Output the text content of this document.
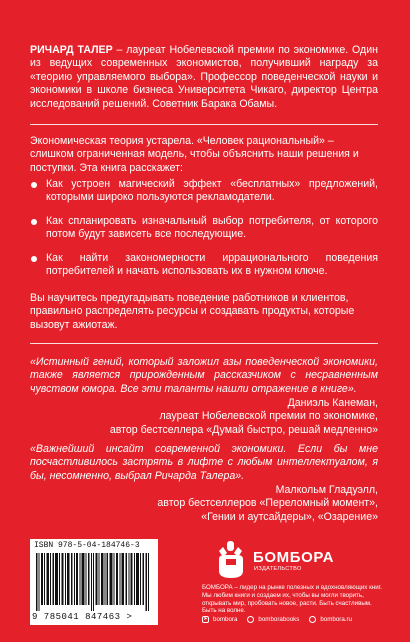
РИЧАРД ТАЛЕР – лауреат Нобелевской премии по экономике. Один из ведущих современных экономистов, получивший награду за «теорию управляемого выбора». Профессор поведенческой науки и экономики в школе бизнеса Университета Чикаго, директор Центра исследований решений. Советник Барака Обамы.

Экономическая теория устарела. «Человек рациональный» – слишком ограниченная модель, чтобы объяснить наши решения и поступки. Эта книга расскажет:

Как устроен магический эффект «бесплатных» предложений, которыми широко пользуются рекламодатели.
Как спланировать изначальный выбор потребителя, от которого потом будут зависеть все последующие.
Как найти закономерности иррационального поведения потребителей и начать использовать их в нужном ключе.

Вы научитесь предугадывать поведение работников и клиентов, правильно распределять ресурсы и создавать продукты, которые вызовут ажиотаж.

«Истинный гений, который заложил азы поведенческой экономики, также является прирожденным рассказчиком с несравненным чувством юмора. Все эти таланты нашли отражение в книге».

Даниэль Канеман,
лауреат Нобелевской премии по экономике,
автор бестселлера «Думай быстро, решай медленно»

«Важнейший инсайт современной экономики. Если бы мне посчастливилось застрять в лифте с любым интеллектуалом, я бы, несомненно, выбрал Ричарда Талера».

Малкольм Гладуэлл,
автор бестселлеров «Переломный момент»,
«Гении и аутсайдеры», «Озарение»
ISBN 978-5-04-184746-3
9 785041 847463 >
БОМБОРА
ИЗДАТЕЛЬСТВО
БОМБОРА – лидер на рынке полезных и вдохновляющих книг. Мы любим книги и создаем их, чтобы вы могли творить, открывать мир, пробовать новое, расти. Быть счастливым. Быть на волне.
➤ bombora	bomborabooks	bombora.ru
